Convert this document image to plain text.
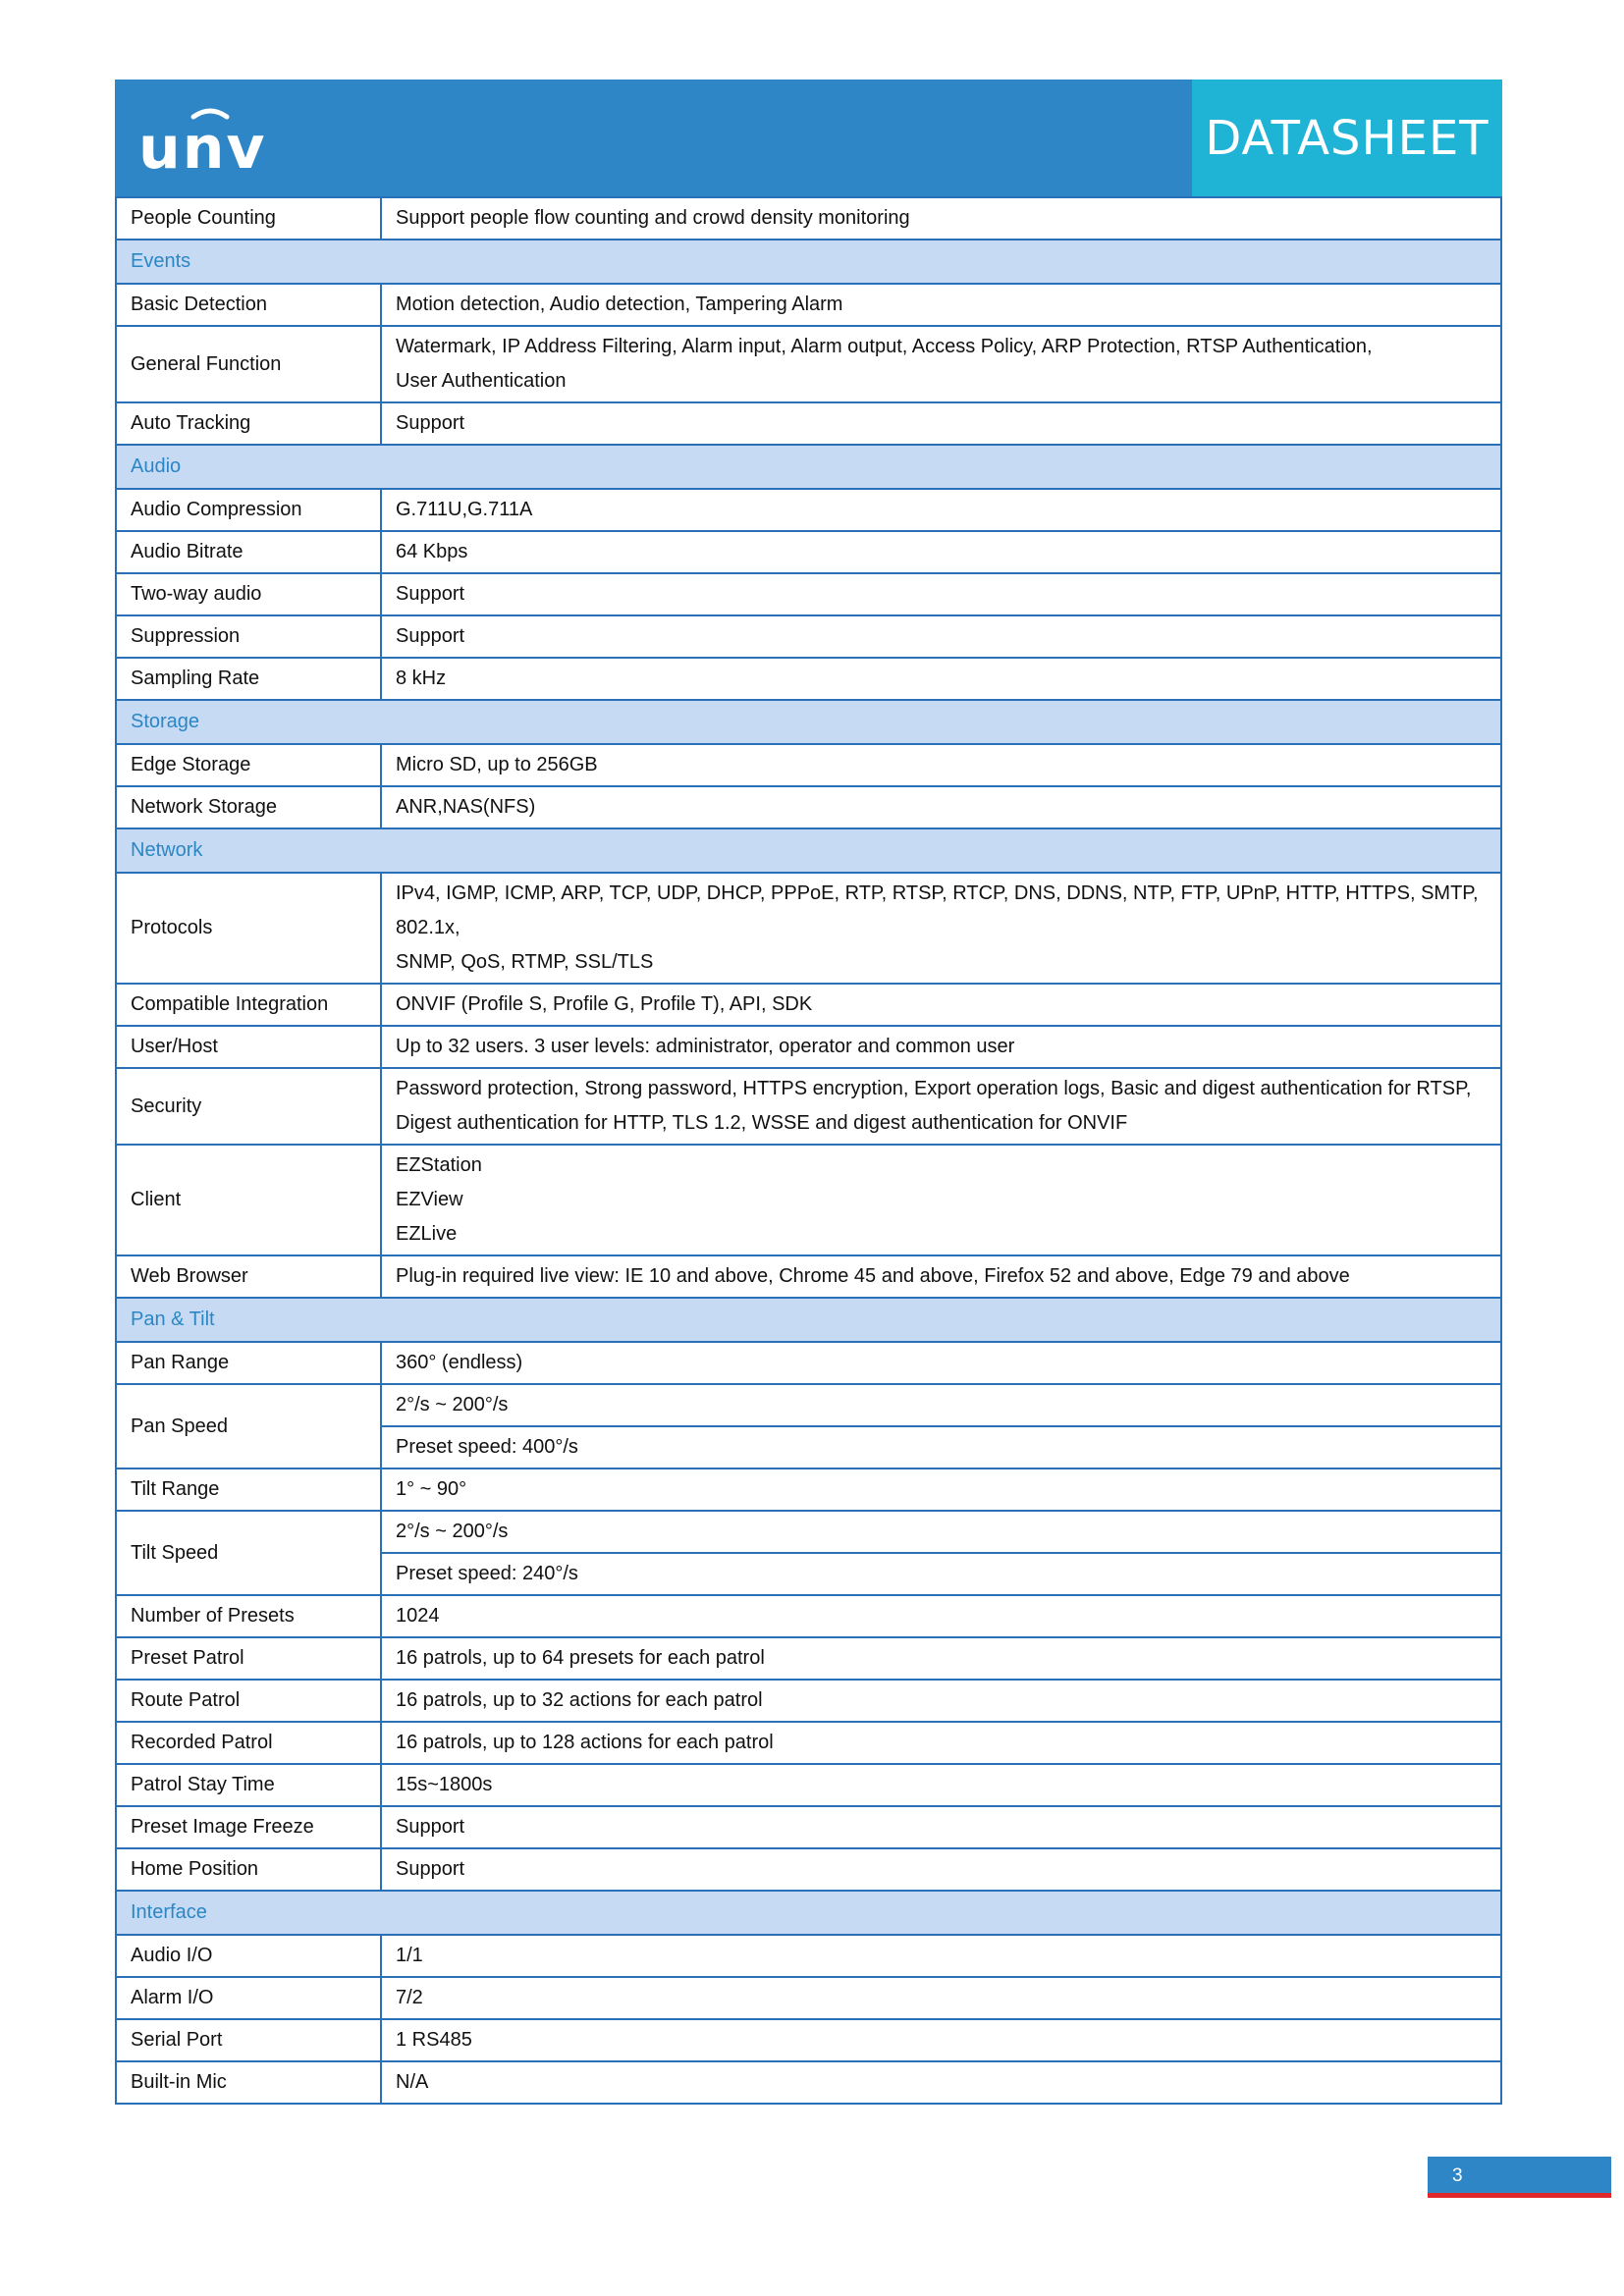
unv	DATASHEET
People Counting	Support people flow counting and crowd density monitoring
Events	
Basic Detection	Motion detection, Audio detection, Tampering Alarm
General Function	Watermark, IP Address Filtering, Alarm input, Alarm output, Access Policy, ARP Protection, RTSP Authentication,
User Authentication

Auto Tracking	Support
Audio	
Audio Compression	G.711U,G.711A
Audio Bitrate	64 Kbps
Two-way audio	Support
Suppression	Support
Sampling Rate	8 kHz
Storage	
Edge Storage	Micro SD, up to 256GB
Network Storage	ANR,NAS(NFS)
Network	
Protocols	IPv4, IGMP, ICMP, ARP, TCP, UDP, DHCP, PPPoE, RTP, RTSP, RTCP, DNS, DDNS, NTP, FTP, UPnP, HTTP, HTTPS, SMTP, 802.1x,
SNMP, QoS, RTMP, SSL/TLS

Compatible Integration	ONVIF (Profile S, Profile G, Profile T), API, SDK
User/Host	Up to 32 users. 3 user levels: administrator, operator and common user
Security	Password protection, Strong password, HTTPS encryption, Export operation logs, Basic and digest authentication for RTSP,
Digest authentication for HTTP, TLS 1.2, WSSE and digest authentication for ONVIF

Client	EZStation
EZView
EZLive

Web Browser	Plug-in required live view: IE 10 and above, Chrome 45 and above, Firefox 52 and above, Edge 79 and above
Pan & Tilt	
Pan Range	360° (endless)
Pan Speed	2°/s ~ 200°/s
	Preset speed: 400°/s
Tilt Range	1° ~ 90°
Tilt Speed	2°/s ~ 200°/s
	Preset speed: 240°/s
Number of Presets	1024
Preset Patrol	16 patrols, up to 64 presets for each patrol
Route Patrol	16 patrols, up to 32 actions for each patrol
Recorded Patrol	16 patrols, up to 128 actions for each patrol
Patrol Stay Time	15s~1800s
Preset Image Freeze	Support
Home Position	Support
Interface	
Audio I/O	1/1
Alarm I/O	7/2
Serial Port	1 RS485
Built-in Mic	N/A
3
